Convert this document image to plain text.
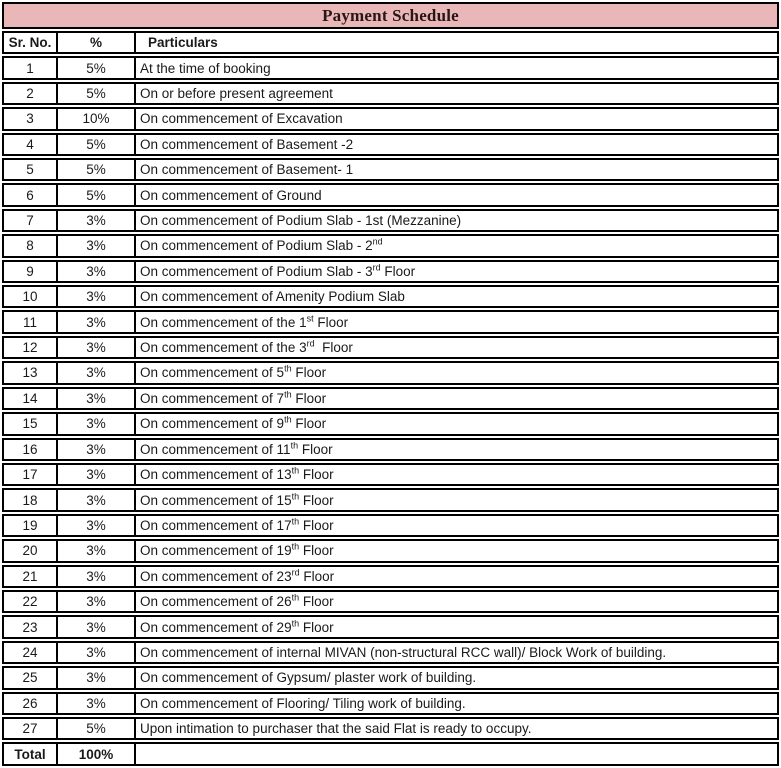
Payment Schedule
Sr. No.	%	Particulars
1	5%	At the time of booking
2	5%	On or before present agreement
3	10%	On commencement of Excavation
4	5%	On commencement of Basement -2
5	5%	On commencement of Basement- 1
6	5%	On commencement of Ground
7	3%	On commencement of Podium Slab - 1st (Mezzanine)
8	3%	On commencement of Podium Slab - 2nd
9	3%	On commencement of Podium Slab - 3rd Floor
10	3%	On commencement of Amenity Podium Slab
11	3%	On commencement of the 1st Floor
12	3%	On commencement of the 3rd  Floor
13	3%	On commencement of 5th Floor
14	3%	On commencement of 7th Floor
15	3%	On commencement of 9th Floor
16	3%	On commencement of 11th Floor
17	3%	On commencement of 13th Floor
18	3%	On commencement of 15th Floor
19	3%	On commencement of 17th Floor
20	3%	On commencement of 19th Floor
21	3%	On commencement of 23rd Floor
22	3%	On commencement of 26th Floor
23	3%	On commencement of 29th Floor
24	3%	On commencement of internal MIVAN (non-structural RCC wall)/ Block Work of building.
25	3%	On commencement of Gypsum/ plaster work of building.
26	3%	On commencement of Flooring/ Tiling work of building.
27	5%	Upon intimation to purchaser that the said Flat is ready to occupy.
Total	100%
